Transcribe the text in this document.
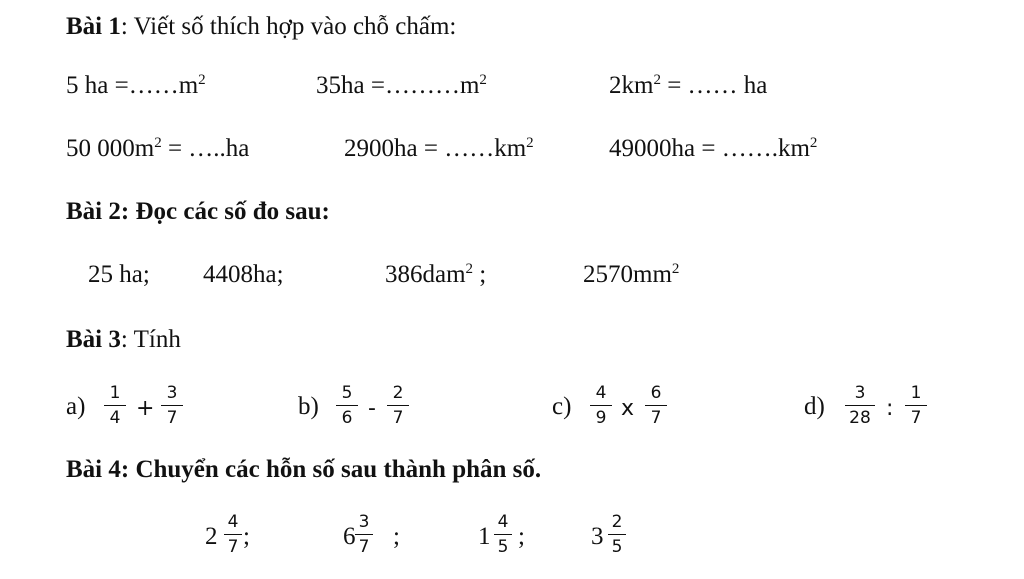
Bài 1: Viết số thích hợp vào chỗ chấm:
5 ha $=\dots\dots m^2$	$35ha =\dots\dots\dots m^2$	$2km^2$ = …… ha
50 $000m^2$ = …..ha	$2900ha = \dots\dots km^2$	$49000ha = \dots\dots.km^2$
Bài 2: Đọc các số đo sau:
25 ha; 4408ha;	386dam$^2$ ;	$2570mm^2$
Bài 3: Tính
a) 1
4 +
3
7	b) 5
6 -
2
7	c) 4
9 x
6
7	d) 3
28 :
1
7
Bài 4: Chuyển các hỗn số sau thành phân số.
2
4
7 ;	6
3
7 ;	1
4
5 ;	3
2
5
